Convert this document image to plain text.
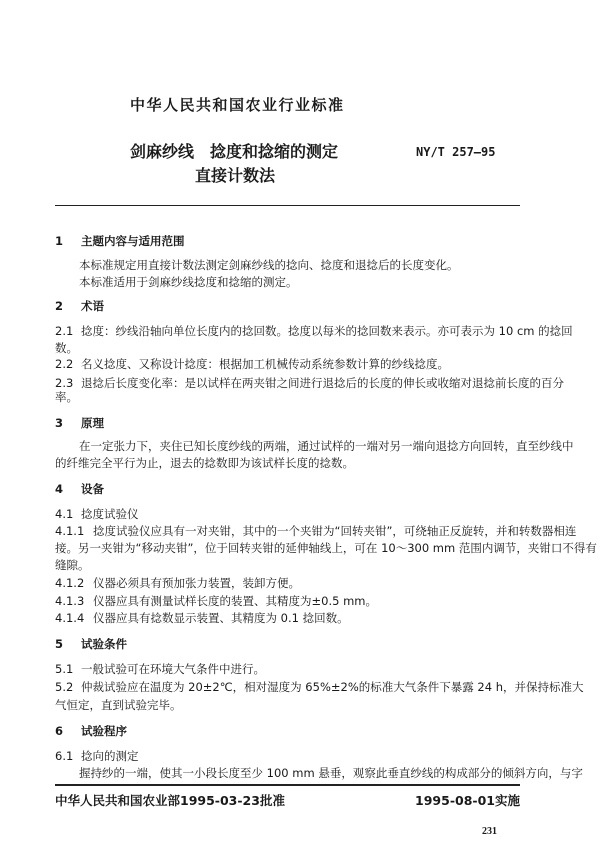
中华人民共和国农业行业标准
剑麻纱线　捻度和捻缩的测定
直接计数法
NY/T 257—95
1 主题内容与适用范围
本标准规定用直接计数法测定剑麻纱线的捻向、捻度和退捻后的长度变化。
本标准适用于剑麻纱线捻度和捻缩的测定。
2 术语
2.1 捻度：纱线沿轴向单位长度内的捻回数。捻度以每米的捻回数来表示。亦可表示为 10 cm 的捻回
数。
2.2 名义捻度、又称设计捻度：根据加工机械传动系统参数计算的纱线捻度。
2.3 退捻后长度变化率：是以试样在两夹钳之间进行退捻后的长度的伸长或收缩对退捻前长度的百分
率。
3 原理
在一定张力下，夹住已知长度纱线的两端，通过试样的一端对另一端向退捻方向回转，直至纱线中
的纤维完全平行为止，退去的捻数即为该试样长度的捻数。
4 设备
4.1 捻度试验仪
4.1.1 捻度试验仪应具有一对夹钳，其中的一个夹钳为“回转夹钳”，可绕轴正反旋转，并和转数器相连
接。另一夹钳为“移动夹钳”，位于回转夹钳的延伸轴线上，可在 10～300 mm 范围内调节，夹钳口不得有
缝隙。
4.1.2 仪器必须具有预加张力装置，装卸方便。
4.1.3 仪器应具有测量试样长度的装置、其精度为±0.5 mm。
4.1.4 仪器应具有捻数显示装置、其精度为 0.1 捻回数。
5 试验条件
5.1 一般试验可在环境大气条件中进行。
5.2 仲裁试验应在温度为 20±2℃，相对湿度为 65%±2%的标准大气条件下暴露 24 h，并保持标准大
气恒定，直到试验完毕。
6 试验程序
6.1 捻向的测定
握持纱的一端，使其一小段长度至少 100 mm 悬垂，观察此垂直纱线的构成部分的倾斜方向，与字
中华人民共和国农业部1995-03-23批准	1995-08-01实施
231
